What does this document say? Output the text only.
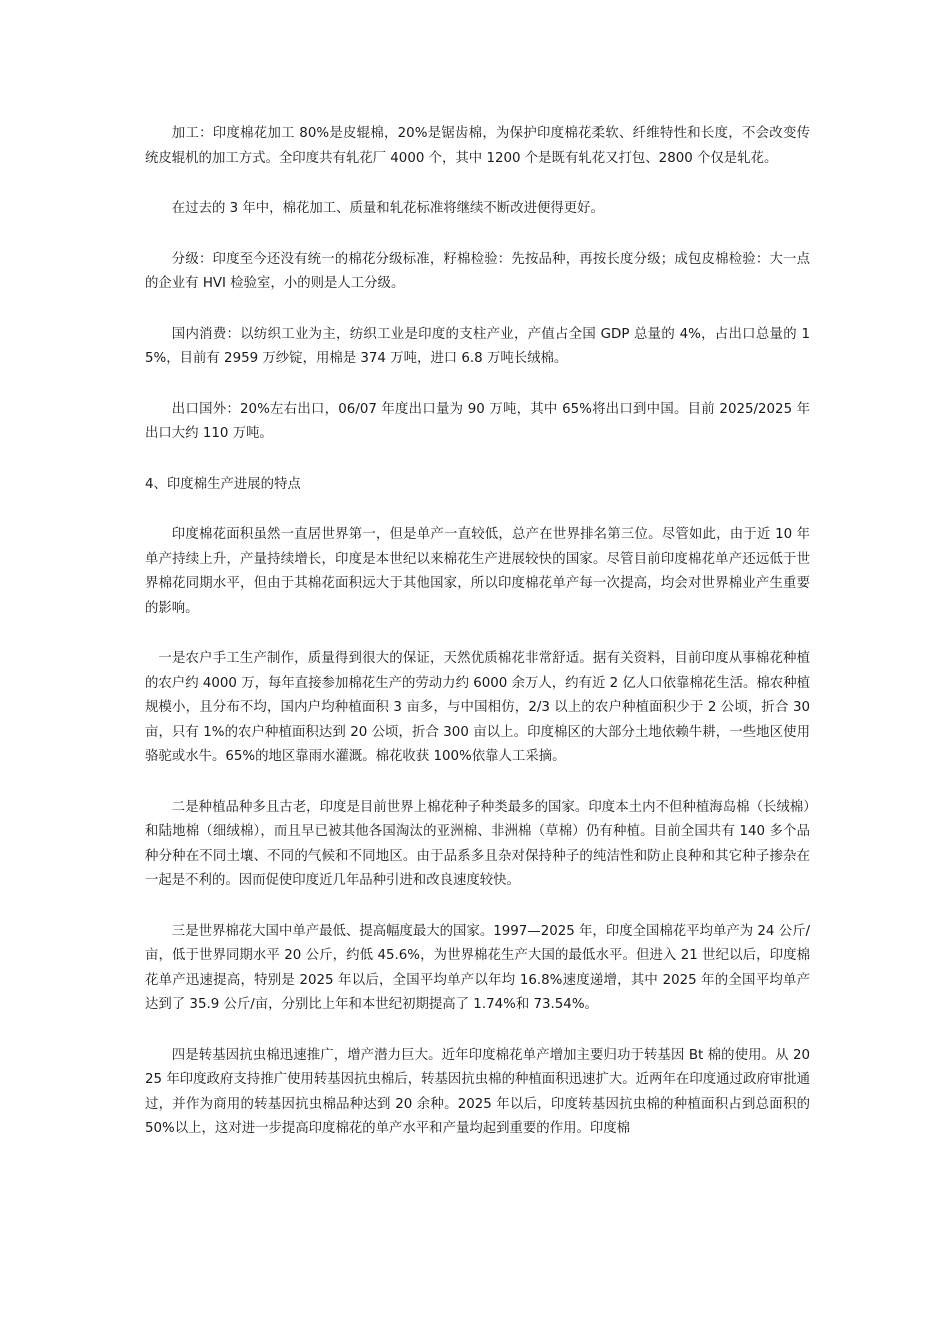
加工：印度棉花加工 80%是皮辊棉，20%是锯齿棉，为保护印度棉花柔软、纤维特性和长度，不会改变传统皮辊机的加工方式。全印度共有轧花厂 4000 个，其中 1200 个是既有轧花又打包、2800 个仅是轧花。

在过去的 3 年中，棉花加工、质量和轧花标准将继续不断改进便得更好。

分级：印度至今还没有统一的棉花分级标准，籽棉检验：先按品种，再按长度分级；成包皮棉检验：大一点的企业有 HVI 检验室，小的则是人工分级。

国内消费：以纺织工业为主，纺织工业是印度的支柱产业，产值占全国 GDP 总量的 4%，占出口总量的 15%，目前有 2959 万纱锭，用棉是 374 万吨，进口 6.8 万吨长绒棉。

出口国外：20%左右出口，06/07 年度出口量为 90 万吨，其中 65%将出口到中国。目前 2025/2025 年 出口大约 110 万吨。

4、印度棉生产进展的特点

印度棉花面积虽然一直居世界第一，但是单产一直较低，总产在世界排名第三位。尽管如此，由于近 10 年单产持续上升，产量持续增长，印度是本世纪以来棉花生产进展较快的国家。尽管目前印度棉花单产还远低于世界棉花同期水平，但由于其棉花面积远大于其他国家，所以印度棉花单产每一次提高，均会对世界棉业产生重要的影响。

一是农户手工生产制作，质量得到很大的保证，天然优质棉花非常舒适。据有关资料，目前印度从事棉花种植的农户约 4000 万，每年直接参加棉花生产的劳动力约 6000 余万人，约有近 2 亿人口依靠棉花生活。棉农种植规模小，且分布不均，国内户均种植面积 3 亩多，与中国相仿，2/3 以上的农户种植面积少于 2 公顷，折合 30 亩，只有 1%的农户种植面积达到 20 公顷，折合 300 亩以上。印度棉区的大部分土地依赖牛耕，一些地区使用骆驼或水牛。65%的地区靠雨水灌溉。棉花收获 100%依靠人工采摘。

二是种植品种多且古老，印度是目前世界上棉花种子种类最多的国家。印度本土内不但种植海岛棉（长绒棉）和陆地棉（细绒棉），而且早已被其他各国淘汰的亚洲棉、非洲棉（草棉）仍有种植。目前全国共有 140 多个品种分种在不同土壤、不同的气候和不同地区。由于品系多且杂对保持种子的纯洁性和防止良种和其它种子掺杂在一起是不利的。因而促使印度近几年品种引进和改良速度较快。

三是世界棉花大国中单产最低、提高幅度最大的国家。1997—2025 年，印度全国棉花平均单产为 24 公斤/亩，低于世界同期水平 20 公斤，约低 45.6%，为世界棉花生产大国的最低水平。但进入 21 世纪以后，印度棉花单产迅速提高，特别是 2025 年以后，全国平均单产以年均 16.8%速度递增，其中 2025 年的全国平均单产达到了 35.9 公斤/亩，分别比上年和本世纪初期提高了 1.74%和 73.54%。

四是转基因抗虫棉迅速推广，增产潜力巨大。近年印度棉花单产增加主要归功于转基因 Bt 棉的使用。从 2025 年印度政府支持推广使用转基因抗虫棉后，转基因抗虫棉的种植面积迅速扩大。近两年在印度通过政府审批通过，并作为商用的转基因抗虫棉品种达到 20 余种。2025 年以后，印度转基因抗虫棉的种植面积占到总面积的 50%以上，这对进一步提高印度棉花的单产水平和产量均起到重要的作用。印度棉
